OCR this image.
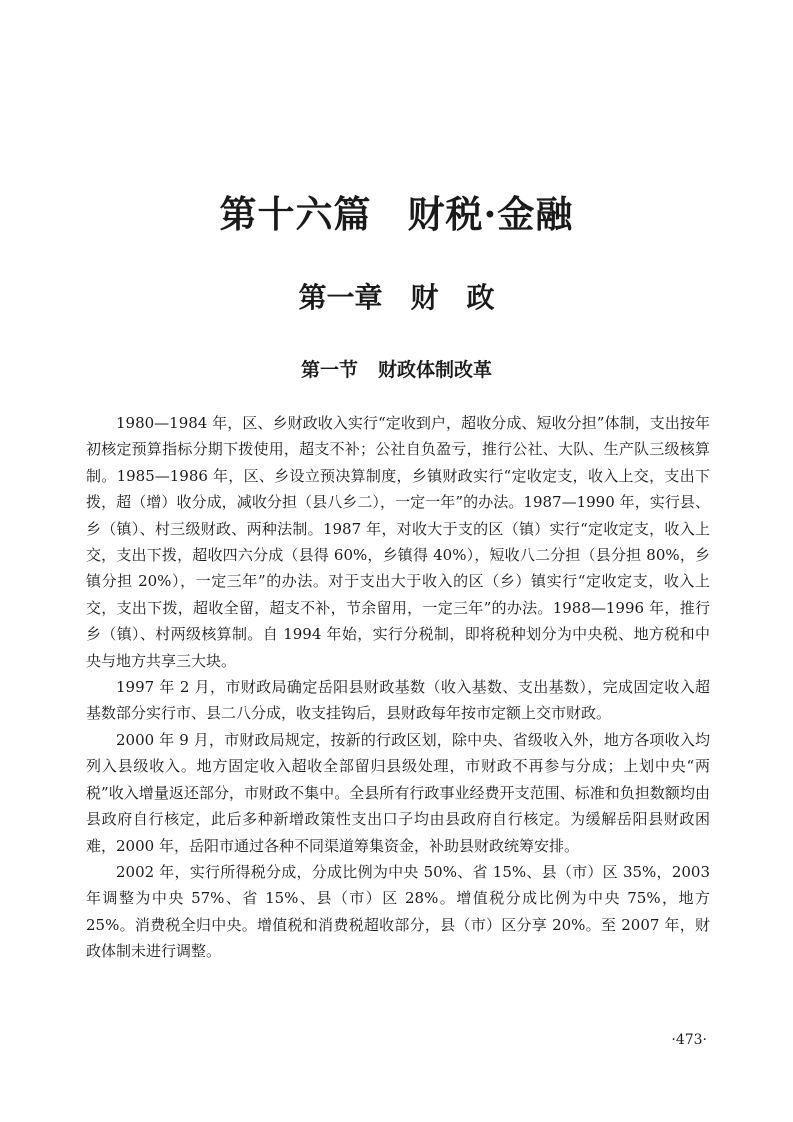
第十六篇 财税·金融
第一章 财　政
第一节 财政体制改革

1980—1984 年，区、乡财政收入实行“定收到户，超收分成、短收分担”体制，支出按年初核定预算指标分期下拨使用，超支不补；公社自负盈亏，推行公社、大队、生产队三级核算制。1985—1986 年，区、乡设立预决算制度，乡镇财政实行“定收定支，收入上交，支出下拨，超（增）收分成，减收分担（县八乡二），一定一年”的办法。1987—1990 年，实行县、乡（镇）、村三级财政、两种法制。1987 年，对收大于支的区（镇）实行“定收定支，收入上交，支出下拨，超收四六分成（县得 60%，乡镇得 40%），短收八二分担（县分担 80%，乡镇分担 20%），一定三年”的办法。对于支出大于收入的区（乡）镇实行“定收定支，收入上交，支出下拨，超收全留，超支不补，节余留用，一定三年”的办法。1988—1996 年，推行乡（镇）、村两级核算制。自 1994 年始，实行分税制，即将税种划分为中央税、地方税和中央与地方共享三大块。

1997 年 2 月，市财政局确定岳阳县财政基数（收入基数、支出基数），完成固定收入超基数部分实行市、县二八分成，收支挂钩后，县财政每年按市定额上交市财政。

2000 年 9 月，市财政局规定，按新的行政区划，除中央、省级收入外，地方各项收入均列入县级收入。地方固定收入超收全部留归县级处理，市财政不再参与分成；上划中央“两税”收入增量返还部分，市财政不集中。全县所有行政事业经费开支范围、标准和负担数额均由县政府自行核定，此后多种新增政策性支出口子均由县政府自行核定。为缓解岳阳县财政困难，2000 年，岳阳市通过各种不同渠道筹集资金，补助县财政统筹安排。

2002 年，实行所得税分成，分成比例为中央 50%、省 15%、县（市）区 35%，2003 年调整为中央 57%、省 15%、县（市）区 28%。增值税分成比例为中央 75%，地方 25%。消费税全归中央。增值税和消费税超收部分，县（市）区分享 20%。至 2007 年，财政体制未进行调整。

·473·
